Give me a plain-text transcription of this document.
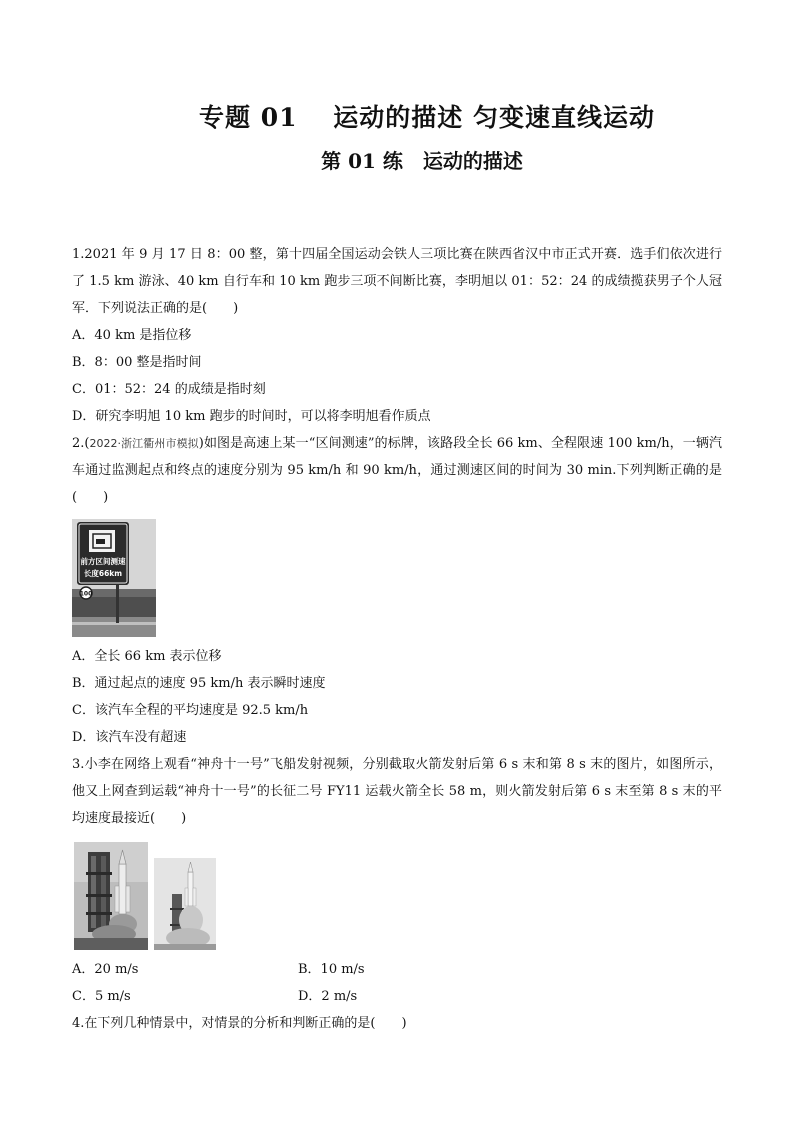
专题 01　 运动的描述 匀变速直线运动
第 01 练　运动的描述

1.2021 年 9 月 17 日 8：00 整，第十四届全国运动会铁人三项比赛在陕西省汉中市正式开赛．选手们依次进行了 1.5 km 游泳、40 km 自行车和 10 km 跑步三项不间断比赛，李明旭以 01：52：24 的成绩揽获男子个人冠军．下列说法正确的是(　　)

A．40 km 是指位移

B．8：00 整是指时间

C．01：52：24 的成绩是指时刻

D．研究李明旭 10 km 跑步的时间时，可以将李明旭看作质点

2.(2022·浙江衢州市模拟)如图是高速上某一“区间测速”的标牌，该路段全长 66 km、全程限速 100 km/h，一辆汽车通过监测起点和终点的速度分别为 95 km/h 和 90 km/h，通过测速区间的时间为 30 min.下列判断正确的是(　　)

100
前方区间测速
长度66km

A．全长 66 km 表示位移

B．通过起点的速度 95 km/h 表示瞬时速度

C．该汽车全程的平均速度是 92.5 km/h

D．该汽车没有超速

3.小李在网络上观看“神舟十一号”飞船发射视频，分别截取火箭发射后第 6 s 末和第 8 s 末的图片，如图所示，他又上网查到运载“神舟十一号”的长征二号 FY11 运载火箭全长 58 m，则火箭发射后第 6 s 末至第 8 s 末的平均速度最接近(　　)

A．20 m/s	B．10 m/s
C．5 m/s	D．2 m/s

4.在下列几种情景中，对情景的分析和判断正确的是(　　)
